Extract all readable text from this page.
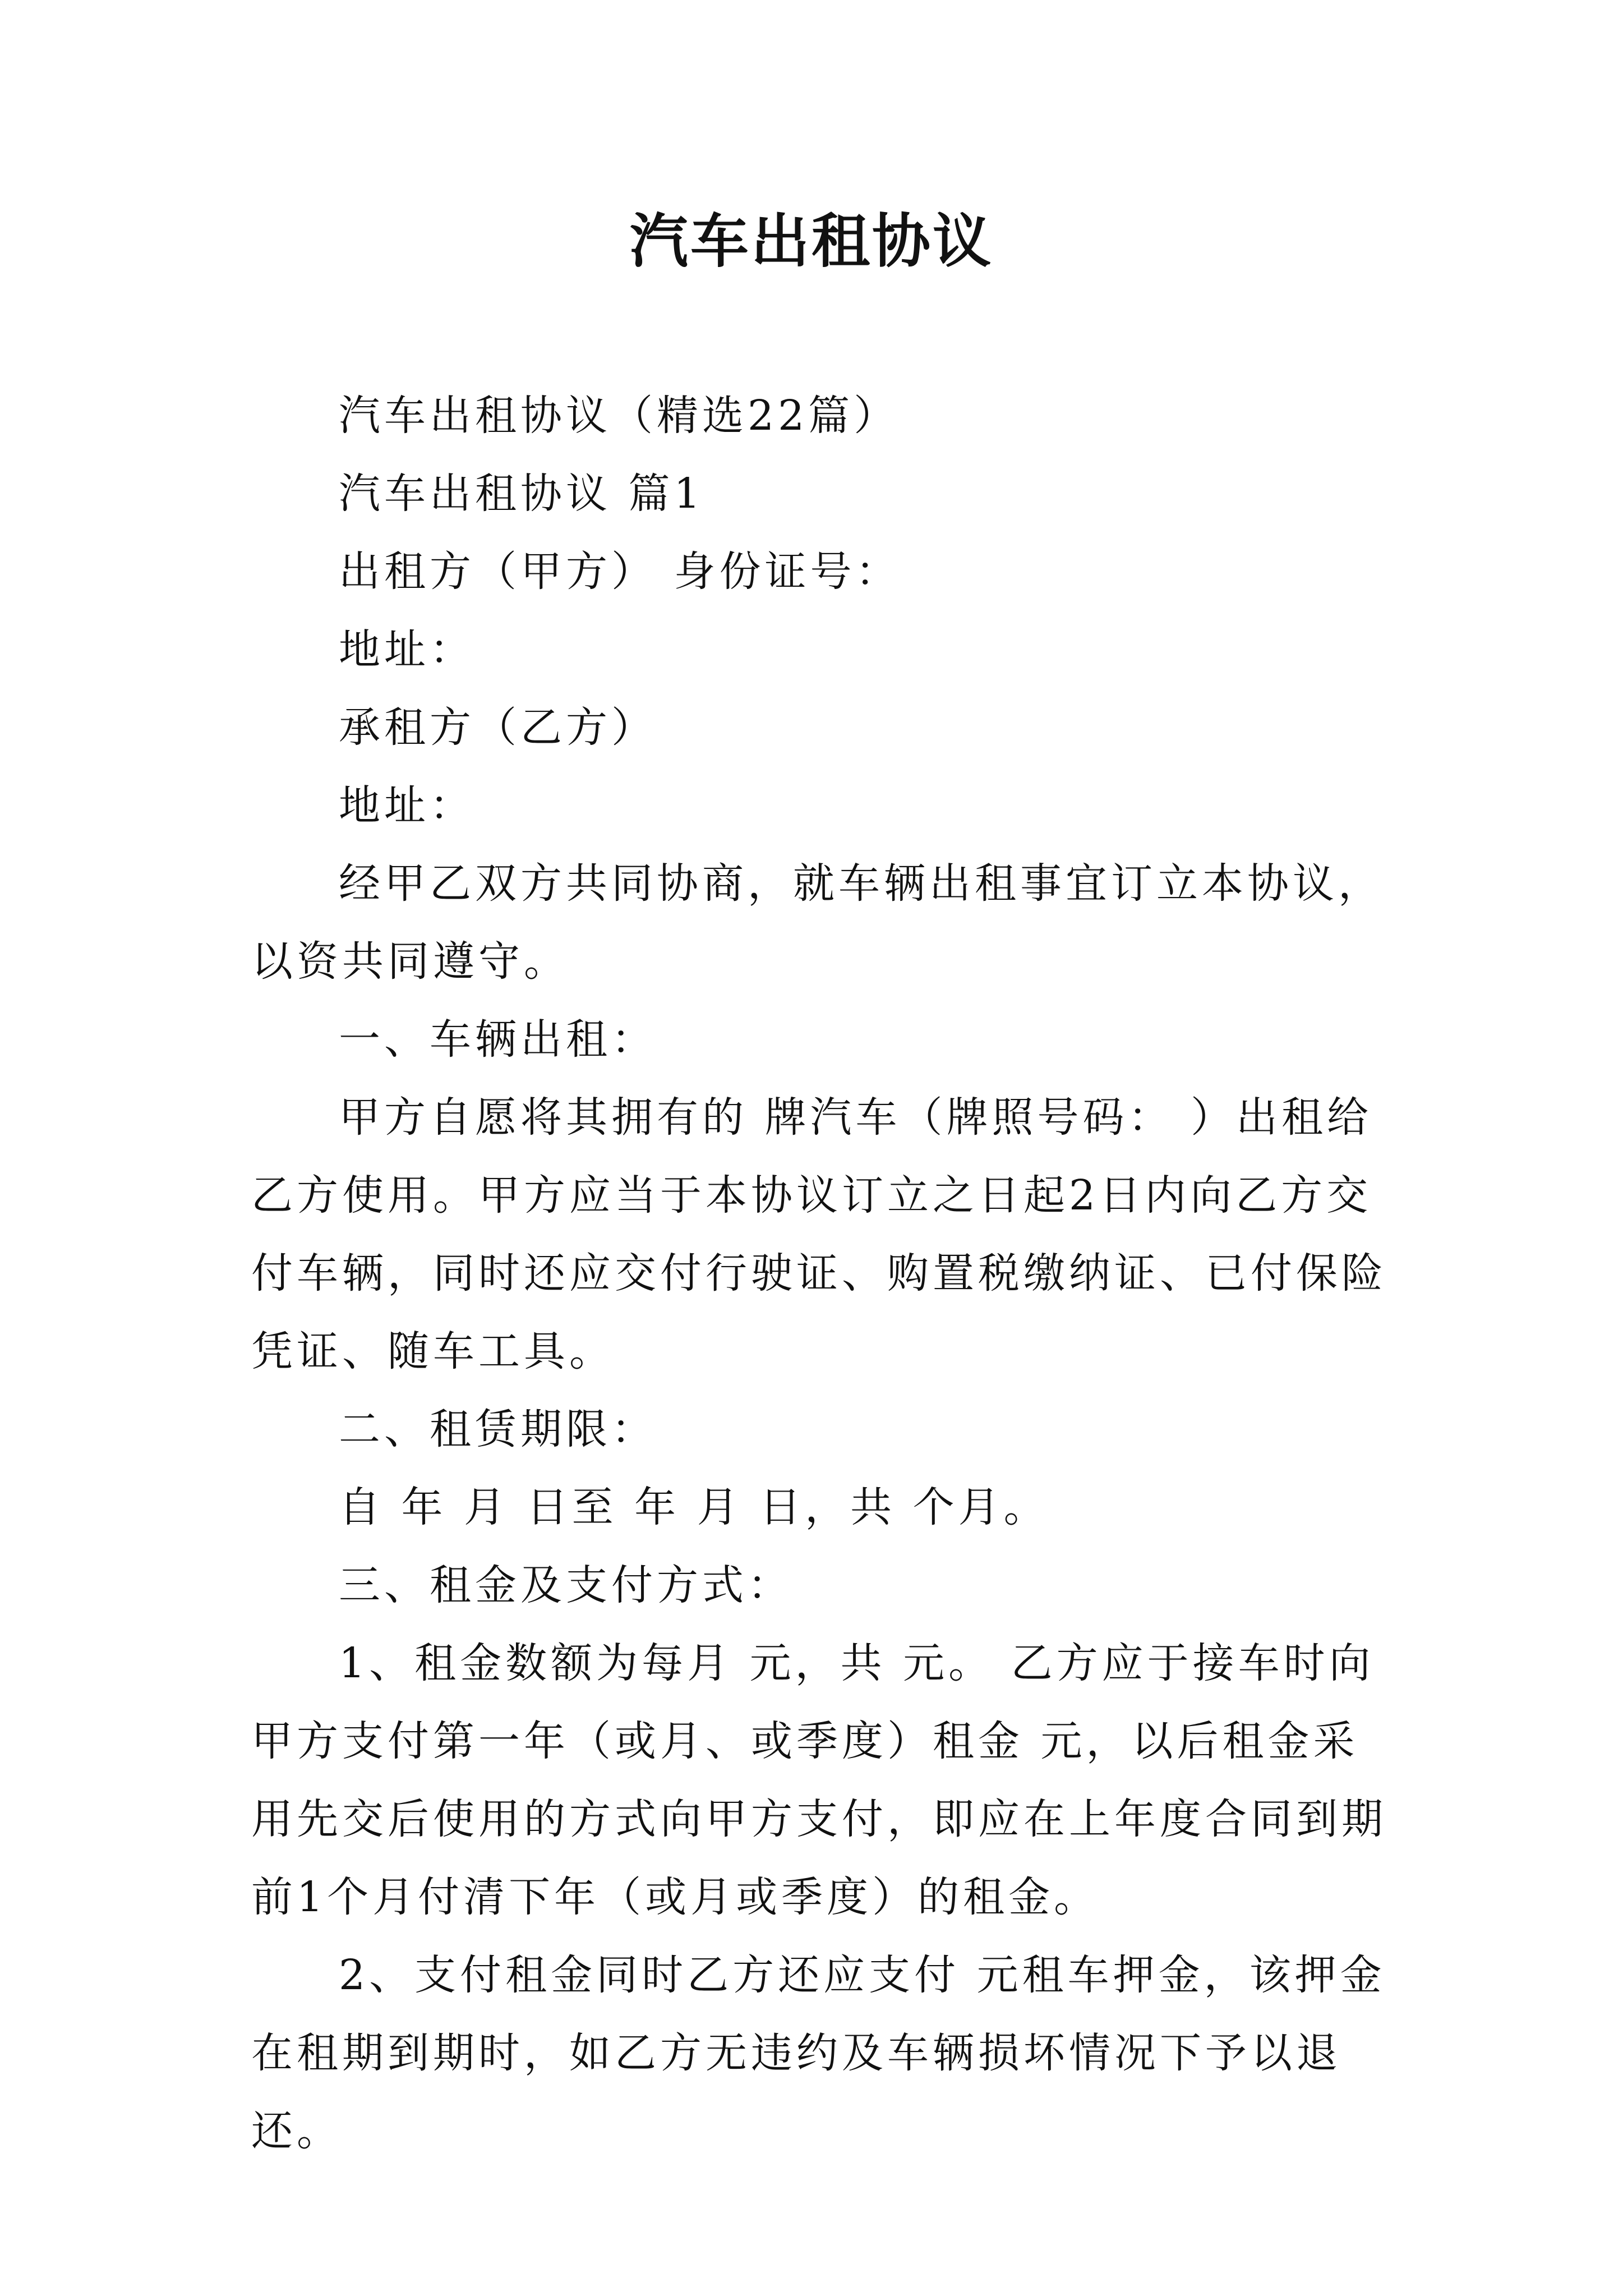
汽车出租协议

汽车出租协议（精选22篇）

汽车出租协议 篇1

出租方（甲方） 身份证号：

地址：

承租方（乙方）

地址：

经甲乙双方共同协商，就车辆出租事宜订立本协议，以资共同遵守。

一、车辆出租：

甲方自愿将其拥有的 牌汽车（牌照号码： ）出租给乙方使用。甲方应当于本协议订立之日起2日内向乙方交付车辆，同时还应交付行驶证、购置税缴纳证、已付保险凭证、随车工具。

二、租赁期限：

自 年 月 日至 年 月 日，共 个月。

三、租金及支付方式：

1、租金数额为每月 元，共 元。 乙方应于接车时向甲方支付第一年（或月、或季度）租金 元，以后租金采用先交后使用的方式向甲方支付，即应在上年度合同到期前1个月付清下年（或月或季度）的租金。

2、支付租金同时乙方还应支付 元租车押金，该押金在租期到期时，如乙方无违约及车辆损坏情况下予以退还。
